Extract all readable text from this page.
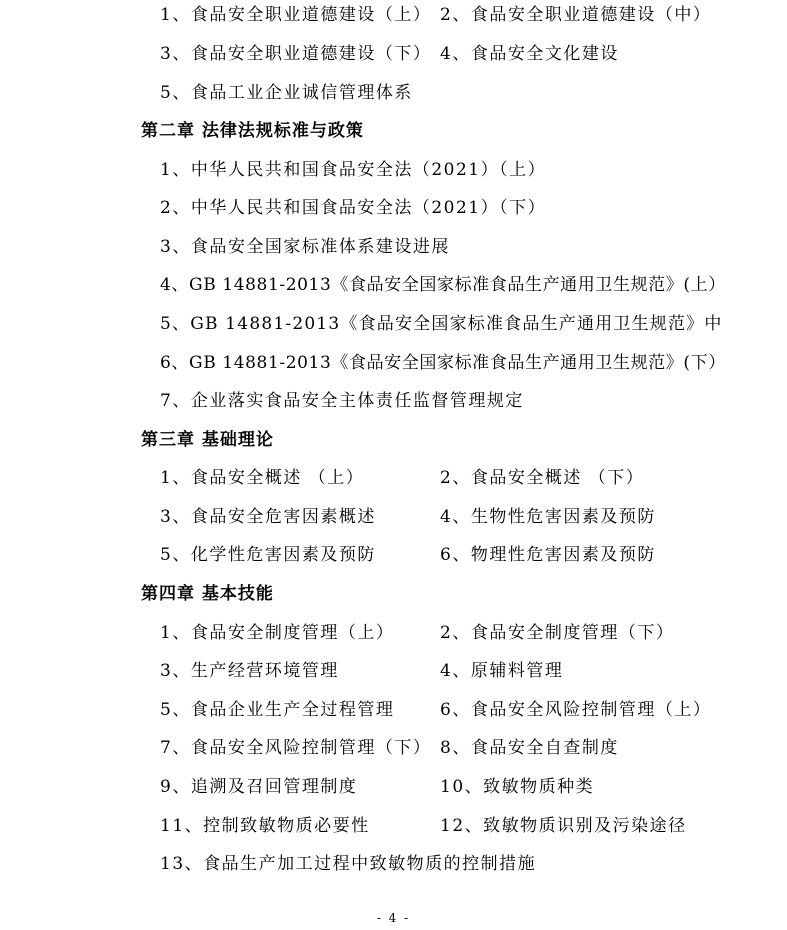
1、食品安全职业道德建设（上） 2、食品安全职业道德建设（中）
3、食品安全职业道德建设（下） 4、食品安全文化建设
5、食品工业企业诚信管理体系
第二章 法律法规标准与政策
1、中华人民共和国食品安全法（2021）（上）
2、中华人民共和国食品安全法（2021）（下）
3、食品安全国家标准体系建设进展
4、GB 14881-2013《食品安全国家标准食品生产通用卫生规范》(上）
5、GB 14881-2013《食品安全国家标准食品生产通用卫生规范》中
6、GB 14881-2013《食品安全国家标准食品生产通用卫生规范》(下）
7、企业落实食品安全主体责任监督管理规定
第三章 基础理论
1、食品安全概述 （上）	2、食品安全概述 （下）
3、食品安全危害因素概述	4、生物性危害因素及预防
5、化学性危害因素及预防	6、物理性危害因素及预防
第四章 基本技能
1、食品安全制度管理（上）	2、食品安全制度管理（下）
3、生产经营环境管理	4、原辅料管理
5、食品企业生产全过程管理	6、食品安全风险控制管理（上）
7、食品安全风险控制管理（下） 8、食品安全自查制度
9、追溯及召回管理制度	10、致敏物质种类
11、控制致敏物质必要性	12、致敏物质识别及污染途径
13、食品生产加工过程中致敏物质的控制措施
- 4 -
